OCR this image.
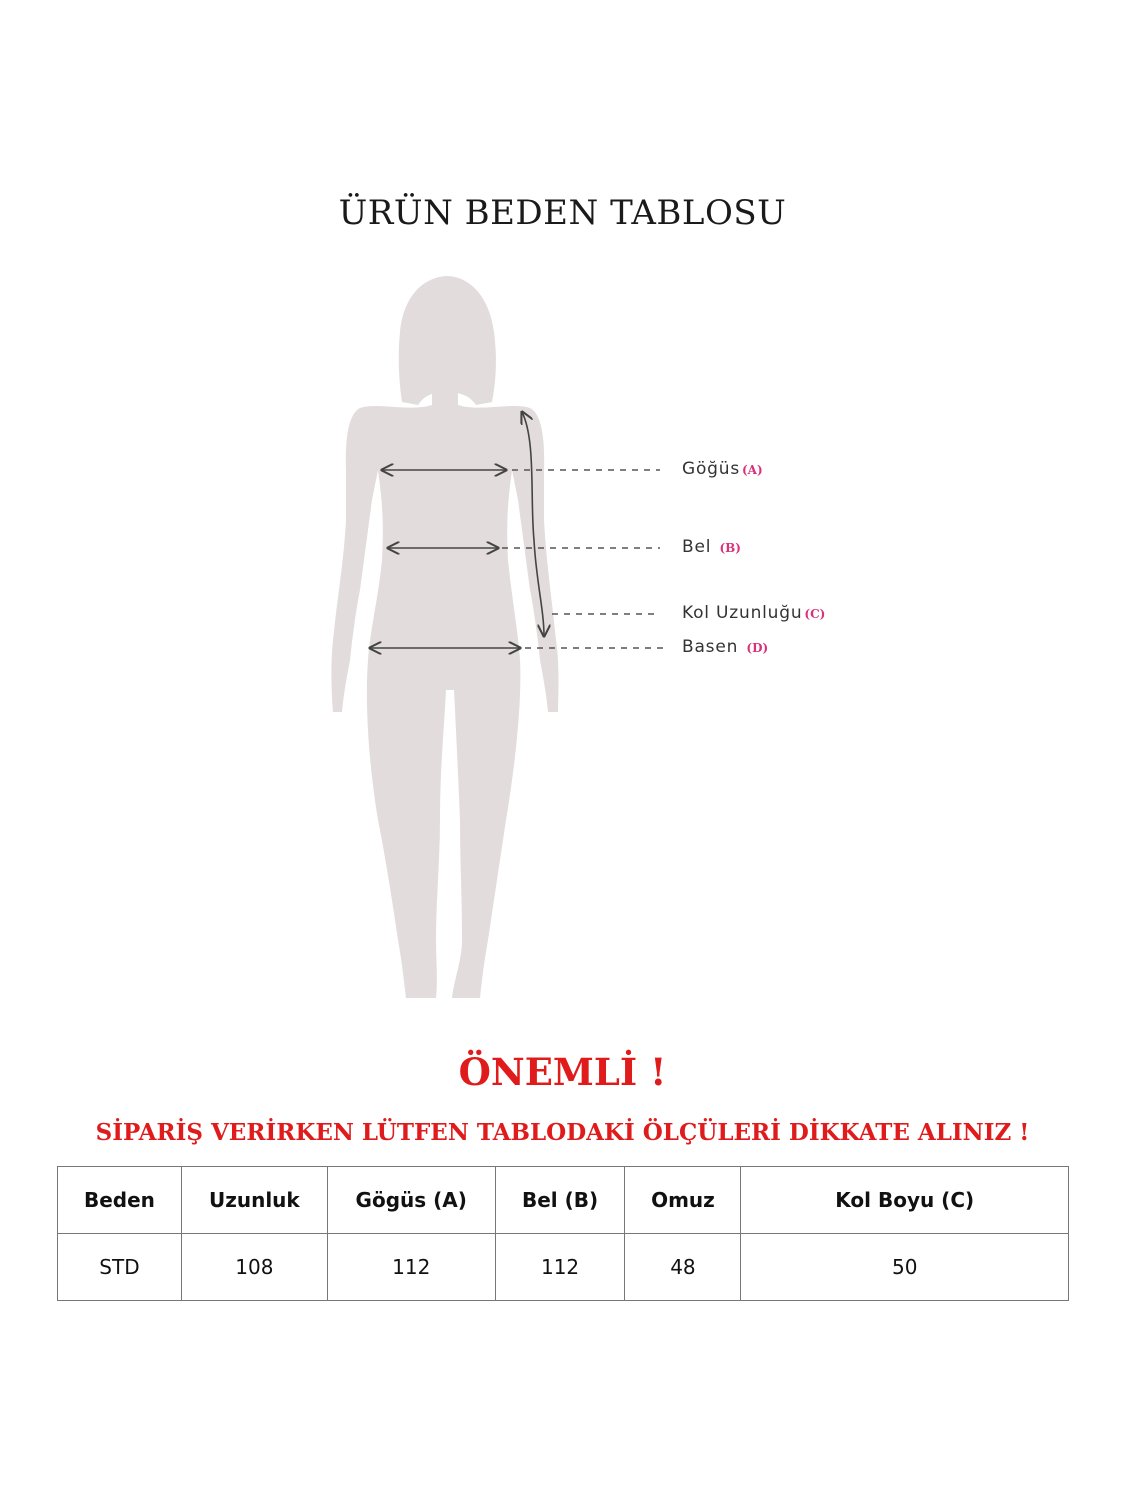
ÜRÜN BEDEN TABLOSU
Göğüs (A)
Bel (B)
Kol Uzunluğu (C)
Basen (D)
ÖNEMLİ !
SİPARİŞ VERİRKEN LÜTFEN TABLODAKİ ÖLÇÜLERİ DİKKATE ALINIZ !
Beden	Uzunluk	Gögüs (A)	Bel (B)	Omuz	Kol Boyu (C)
STD	108	112	112	48	50
